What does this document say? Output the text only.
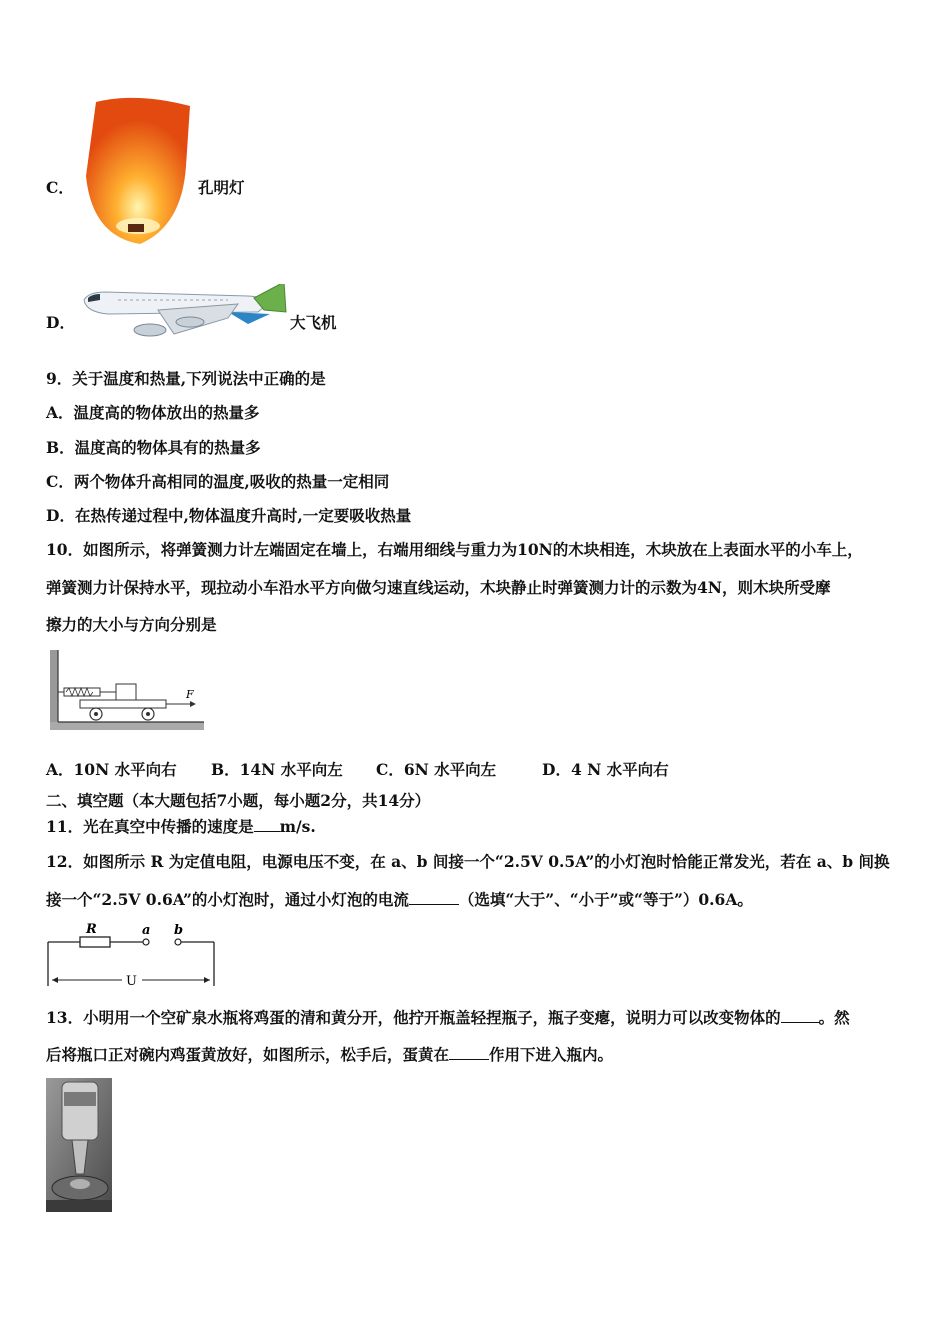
C．	孔明灯
D．	大飞机
9．关于温度和热量,下列说法中正确的是
A．温度高的物体放出的热量多
B．温度高的物体具有的热量多
C．两个物体升高相同的温度,吸收的热量一定相同
D．在热传递过程中,物体温度升高时,一定要吸收热量
10．如图所示，将弹簧测力计左端固定在墙上，右端用细线与重力为10N的木块相连，木块放在上表面水平的小车上，
弹簧测力计保持水平，现拉动小车沿水平方向做匀速直线运动，木块静止时弹簧测力计的示数为4N，则木块所受摩
擦力的大小与方向分别是
F
A．10N 水平向右 B．14N 水平向左 C．6N 水平向左	D．4 N 水平向右
二、填空题（本大题包括7小题，每小题2分，共14分）
11．光在真空中传播的速度是 m/s.
12．如图所示 R 为定值电阻，电源电压不变，在 a、b 间接一个“2.5V 0.5A”的小灯泡时恰能正常发光，若在 a、b 间换
接一个“2.5V 0.6A”的小灯泡时，通过小灯泡的电流	（选填“大于”、“小于”或“等于”）0.6A。
R	a b
U
13．小明用一个空矿泉水瓶将鸡蛋的清和黄分开，他拧开瓶盖轻捏瓶子，瓶子变瘪，说明力可以改变物体的 。然
后将瓶口正对碗内鸡蛋黄放好，如图所示，松手后，蛋黄在	作用下进入瓶内。
